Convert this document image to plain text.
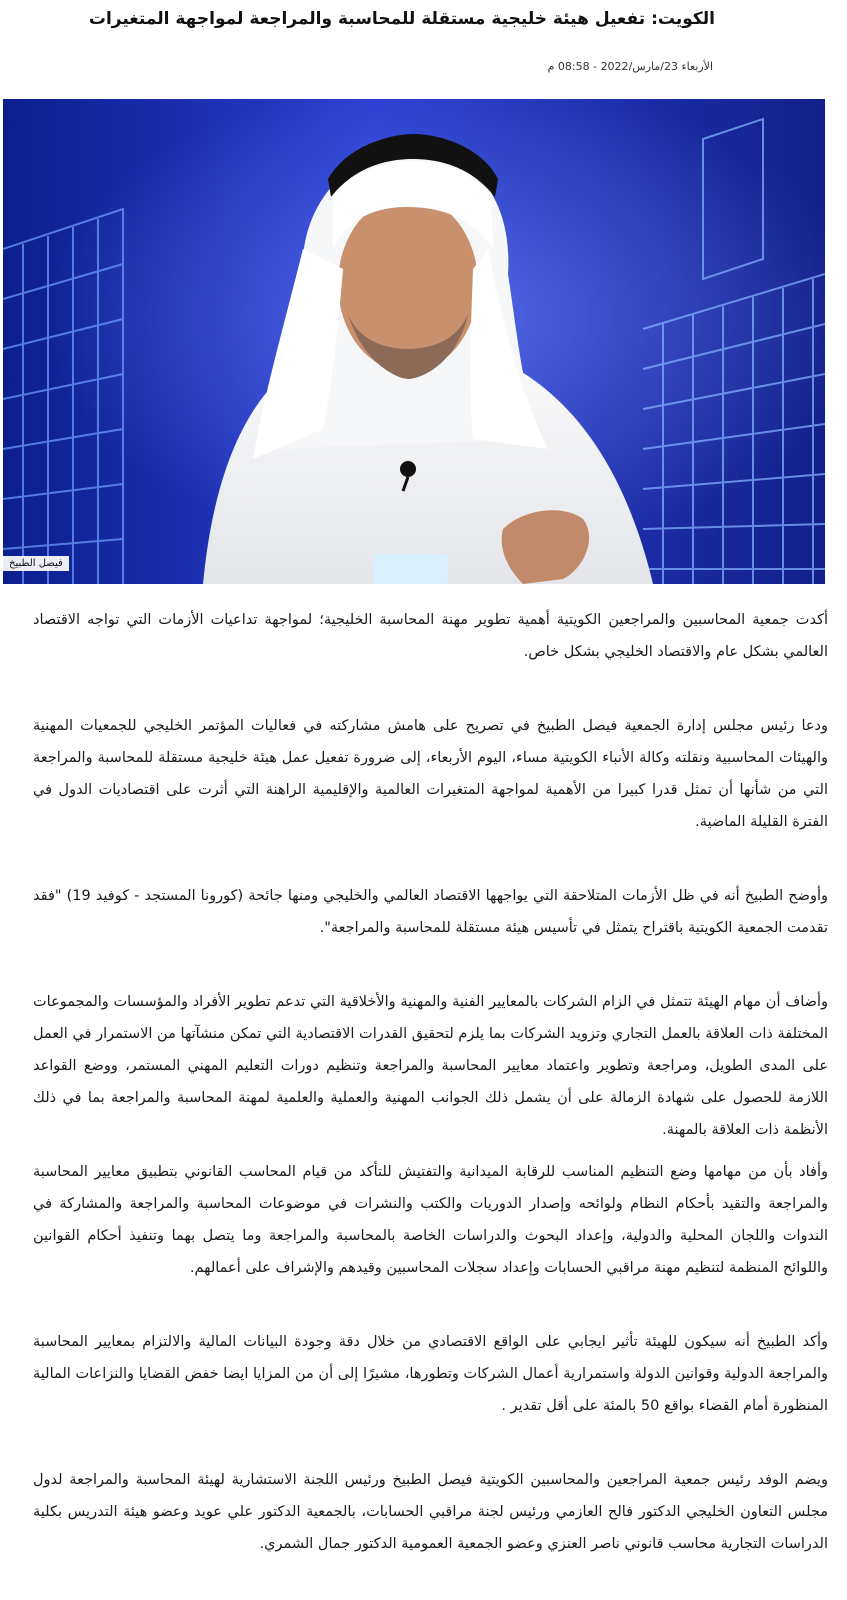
الكويت: تفعيل هيئة خليجية مستقلة للمحاسبة والمراجعة لمواجهة المتغيرات
الأربعاء 23/مارس/2022 - 08:58 م
فيصل الطبيخ

أكدت جمعية المحاسبين والمراجعين الكويتية أهمية تطوير مهنة المحاسبة الخليجية؛ لمواجهة تداعيات الأزمات التي تواجه الاقتصاد العالمي بشكل عام والاقتصاد الخليجي بشكل خاص.

ودعا رئيس مجلس إدارة الجمعية فيصل الطبيخ في تصريح على هامش مشاركته في فعاليات المؤتمر الخليجي للجمعيات المهنية والهيئات المحاسبية ونقلته وكالة الأنباء الكويتية مساء، اليوم الأربعاء، إلى ضرورة تفعيل عمل هيئة خليجية مستقلة للمحاسبة والمراجعة التي من شأنها أن تمثل قدرا كبيرا من الأهمية لمواجهة المتغيرات العالمية والإقليمية الراهنة التي أثرت على اقتصاديات الدول في الفترة القليلة الماضية.

وأوضح الطبيخ أنه في ظل الأزمات المتلاحقة التي يواجهها الاقتصاد العالمي والخليجي ومنها جائحة (كورونا المستجد - كوفيد 19) "فقد تقدمت الجمعية الكويتية باقتراح يتمثل في تأسيس هيئة مستقلة للمحاسبة والمراجعة".

وأضاف أن مهام الهيئة تتمثل في الزام الشركات بالمعايير الفنية والمهنية والأخلاقية التي تدعم تطوير الأفراد والمؤسسات والمجموعات المختلفة ذات العلاقة بالعمل التجاري وتزويد الشركات بما يلزم لتحقيق القدرات الاقتصادية التي تمكن منشآتها من الاستمرار في العمل على المدى الطويل، ومراجعة وتطوير واعتماد معايير المحاسبة والمراجعة وتنظيم دورات التعليم المهني المستمر، ووضع القواعد اللازمة للحصول على شهادة الزمالة على أن يشمل ذلك الجوانب المهنية والعملية والعلمية لمهنة المحاسبة والمراجعة بما في ذلك الأنظمة ذات العلاقة بالمهنة.

وأفاد بأن من مهامها وضع التنظيم المناسب للرقابة الميدانية والتفتيش للتأكد من قيام المحاسب القانوني بتطبيق معايير المحاسبة والمراجعة والتقيد بأحكام النظام ولوائحه وإصدار الدوريات والكتب والنشرات في موضوعات المحاسبة والمراجعة والمشاركة في الندوات واللجان المحلية والدولية، وإعداد البحوث والدراسات الخاصة بالمحاسبة والمراجعة وما يتصل بهما وتنفيذ أحكام القوانين واللوائح المنظمة لتنظيم مهنة مراقبي الحسابات وإعداد سجلات المحاسبين وقيدهم والإشراف على أعمالهم.

وأكد الطبيخ أنه سيكون للهيئة تأثير ايجابي على الواقع الاقتصادي من خلال دقة وجودة البيانات المالية والالتزام بمعايير المحاسبة والمراجعة الدولية وقوانين الدولة واستمرارية أعمال الشركات وتطورها، مشيرًا إلى أن من المزايا ايضا خفض القضايا والنزاعات المالية المنظورة أمام القضاء بواقع 50 بالمئة على أقل تقدير .

ويضم الوفد رئيس جمعية المراجعين والمحاسبين الكويتية فيصل الطبيخ ورئيس اللجنة الاستشارية لهيئة المحاسبة والمراجعة لدول مجلس التعاون الخليجي الدكتور فالح العازمي ورئيس لجنة مراقبي الحسابات، بالجمعية الدكتور علي عويد وعضو هيئة التدريس بكلية الدراسات التجارية محاسب قانوني ناصر العنزي وعضو الجمعية العمومية الدكتور جمال الشمري.
